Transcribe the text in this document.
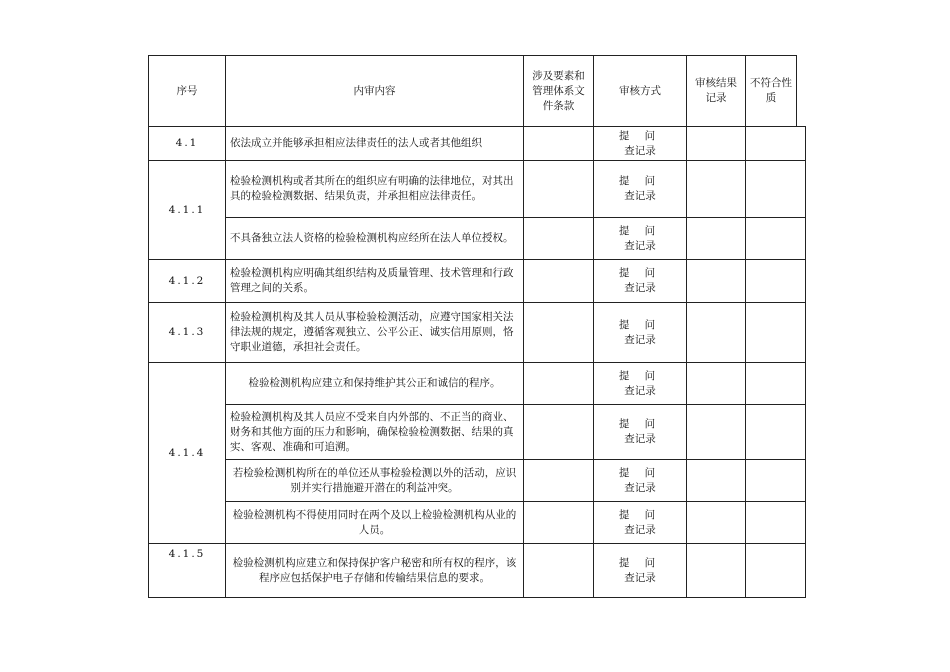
序号	内审内容	涉及要素和管理体系文件条款	审核方式	审核结果记录	不符合性质	
4.1	依法成立并能够承担相应法律责任的法人或者其他组织		提 问
查记录			

4.1.1	检验检测机构或者其所在的组织应有明确的法律地位，对其出具的检验检测数据、结果负责，并承担相应法律责任。		提 问
查记录			

	不具备独立法人资格的检验检测机构应经所在法人单位授权。		提 问
查记录			

4.1.2	检验检测机构应明确其组织结构及质量管理、技术管理和行政管理之间的关系。		提 问
查记录			

4.1.3	检验检测机构及其人员从事检验检测活动，应遵守国家相关法律法规的规定，遵循客观独立、公平公正、诚实信用原则，恪守职业道德，承担社会责任。		提 问
查记录			

4.1.4	检验检测机构应建立和保持维护其公正和诚信的程序。		提 问
查记录			

	检验检测机构及其人员应不受来自内外部的、不正当的商业、财务和其他方面的压力和影响，确保检验检测数据、结果的真实、客观、准确和可追溯。		提 问
查记录			

	若检验检测机构所在的单位还从事检验检测以外的活动，应识别并实行措施避开潜在的利益冲突。		提 问
查记录			

	检验检测机构不得使用同时在两个及以上检验检测机构从业的人员。		提 问
查记录			

4.1.5	检验检测机构应建立和保持保护客户秘密和所有权的程序，该程序应包括保护电子存储和传输结果信息的要求。		提 问
查记录			
